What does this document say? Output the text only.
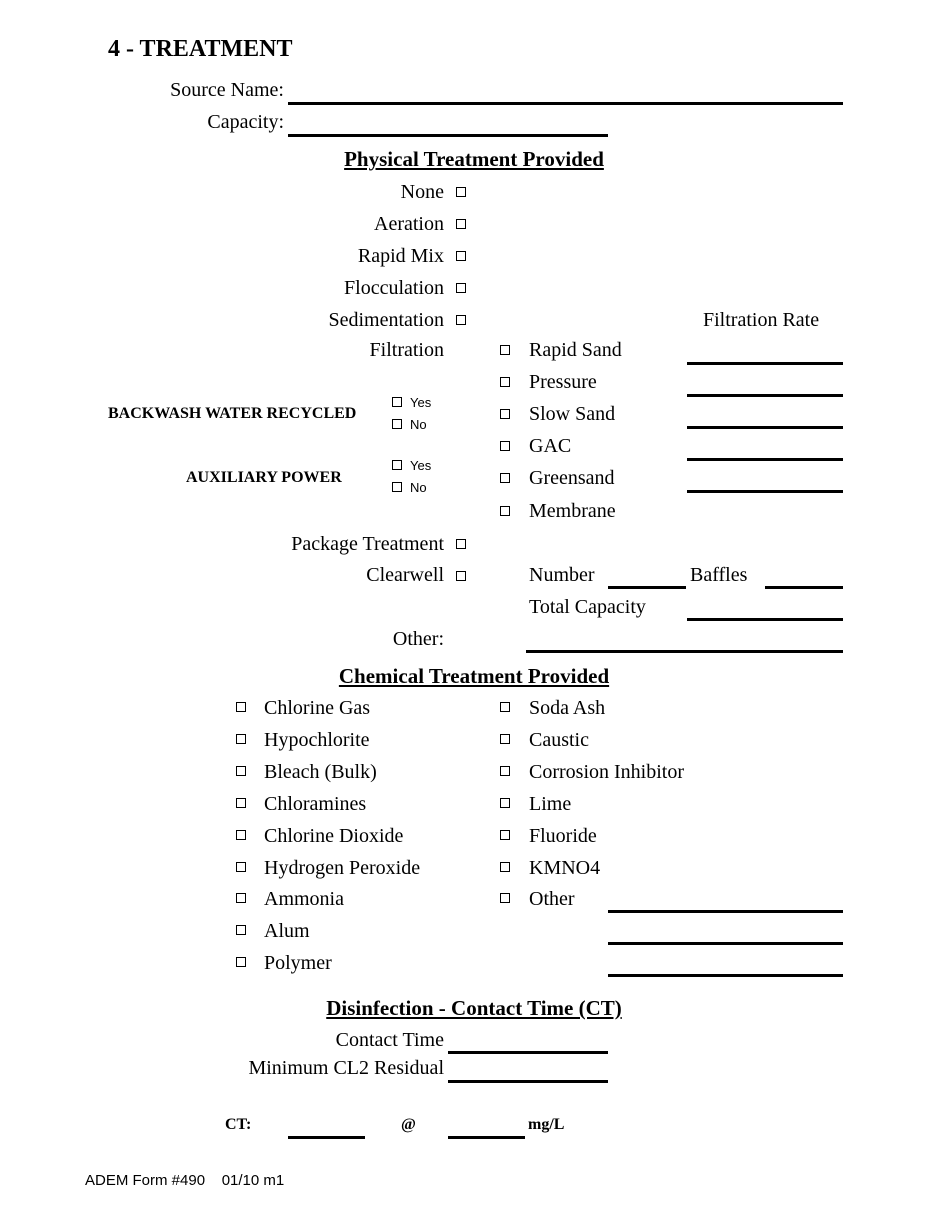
4 - TREATMENT
Source Name:
Capacity:
Physical Treatment Provided
None
Aeration
Rapid Mix
Flocculation
Sedimentation	Filtration Rate
Filtration	Rapid Sand
Pressure
Slow Sand
GAC
Greensand
Membrane
BACKWASH WATER RECYCLED
Yes
No
AUXILIARY POWER
Yes
No
Package Treatment
Clearwell	Number	Baffles
Total Capacity
Other:
Chemical Treatment Provided
Chlorine Gas
Hypochlorite
Bleach (Bulk)
Chloramines
Chlorine Dioxide
Hydrogen Peroxide
Ammonia
Alum
Polymer
Soda Ash
Caustic
Corrosion Inhibitor
Lime
Fluoride
KMNO4
Other
Disinfection - Contact Time (CT)
Contact Time
Minimum CL2 Residual
CT:	@	mg/L
ADEM Form #490    01/10 m1
